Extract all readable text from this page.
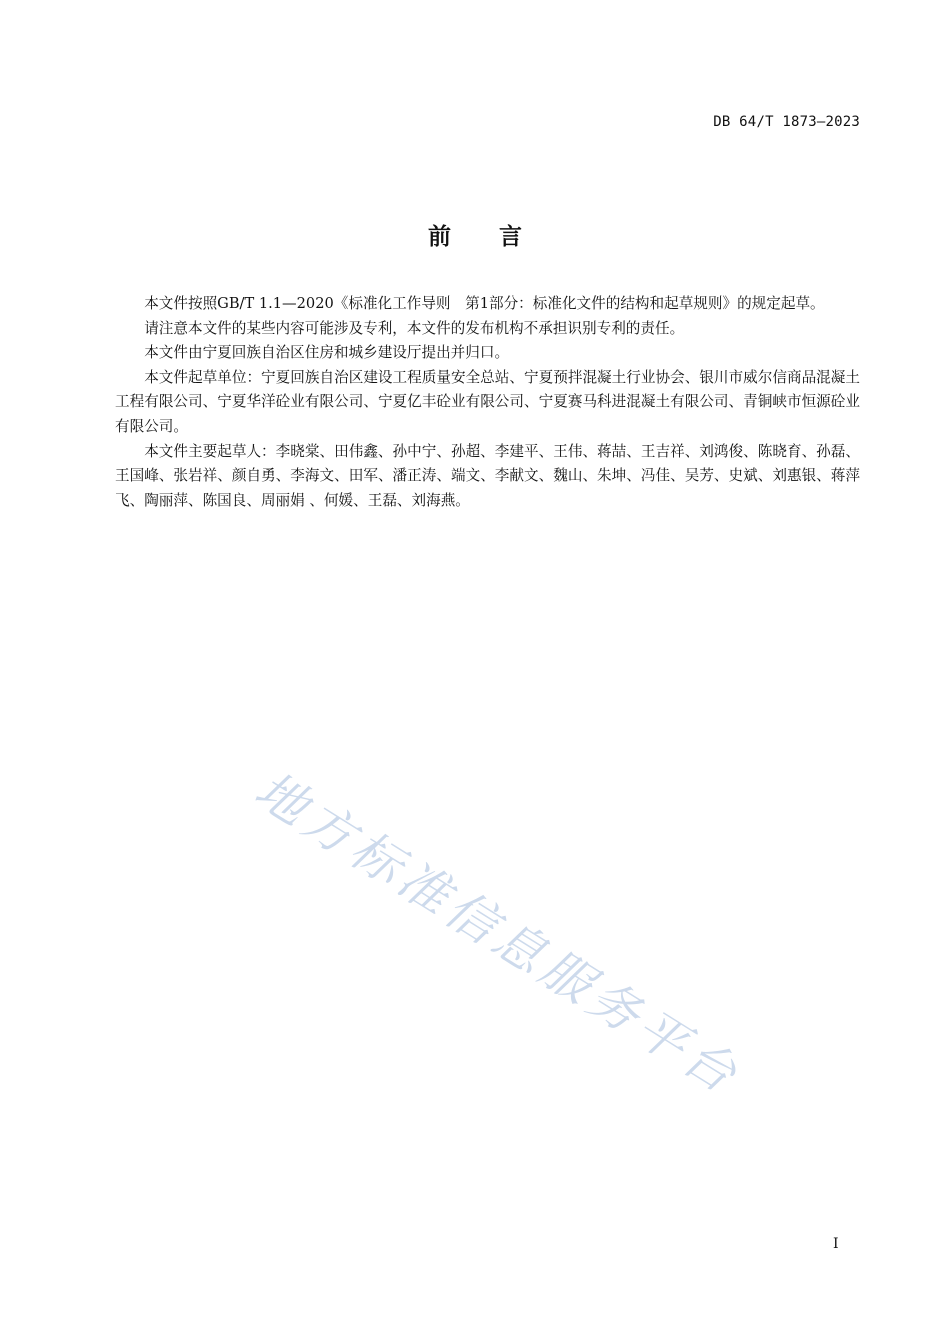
DB 64/T 1873—2023
前 言

本文件按照GB/T 1.1—2020《标准化工作导则　第1部分：标准化文件的结构和起草规则》的规定起草。

请注意本文件的某些内容可能涉及专利，本文件的发布机构不承担识别专利的责任。

本文件由宁夏回族自治区住房和城乡建设厅提出并归口。

本文件起草单位：宁夏回族自治区建设工程质量安全总站、宁夏预拌混凝土行业协会、银川市威尔信商品混凝土工程有限公司、宁夏华洋砼业有限公司、宁夏亿丰砼业有限公司、宁夏赛马科进混凝土有限公司、青铜峡市恒源砼业有限公司。

本文件主要起草人：李晓棠、田伟鑫、孙中宁、孙超、李建平、王伟、蒋喆、王吉祥、刘鸿俊、陈晓育、孙磊、王国峰、张岩祥、颜自勇、李海文、田军、潘正涛、端文、李献文、魏山、朱坤、冯佳、吴芳、史斌、刘惠银、蒋萍飞、陶丽萍、陈国良、周丽娟 、何媛、王磊、刘海燕。

地方标准信息服务平台
I
